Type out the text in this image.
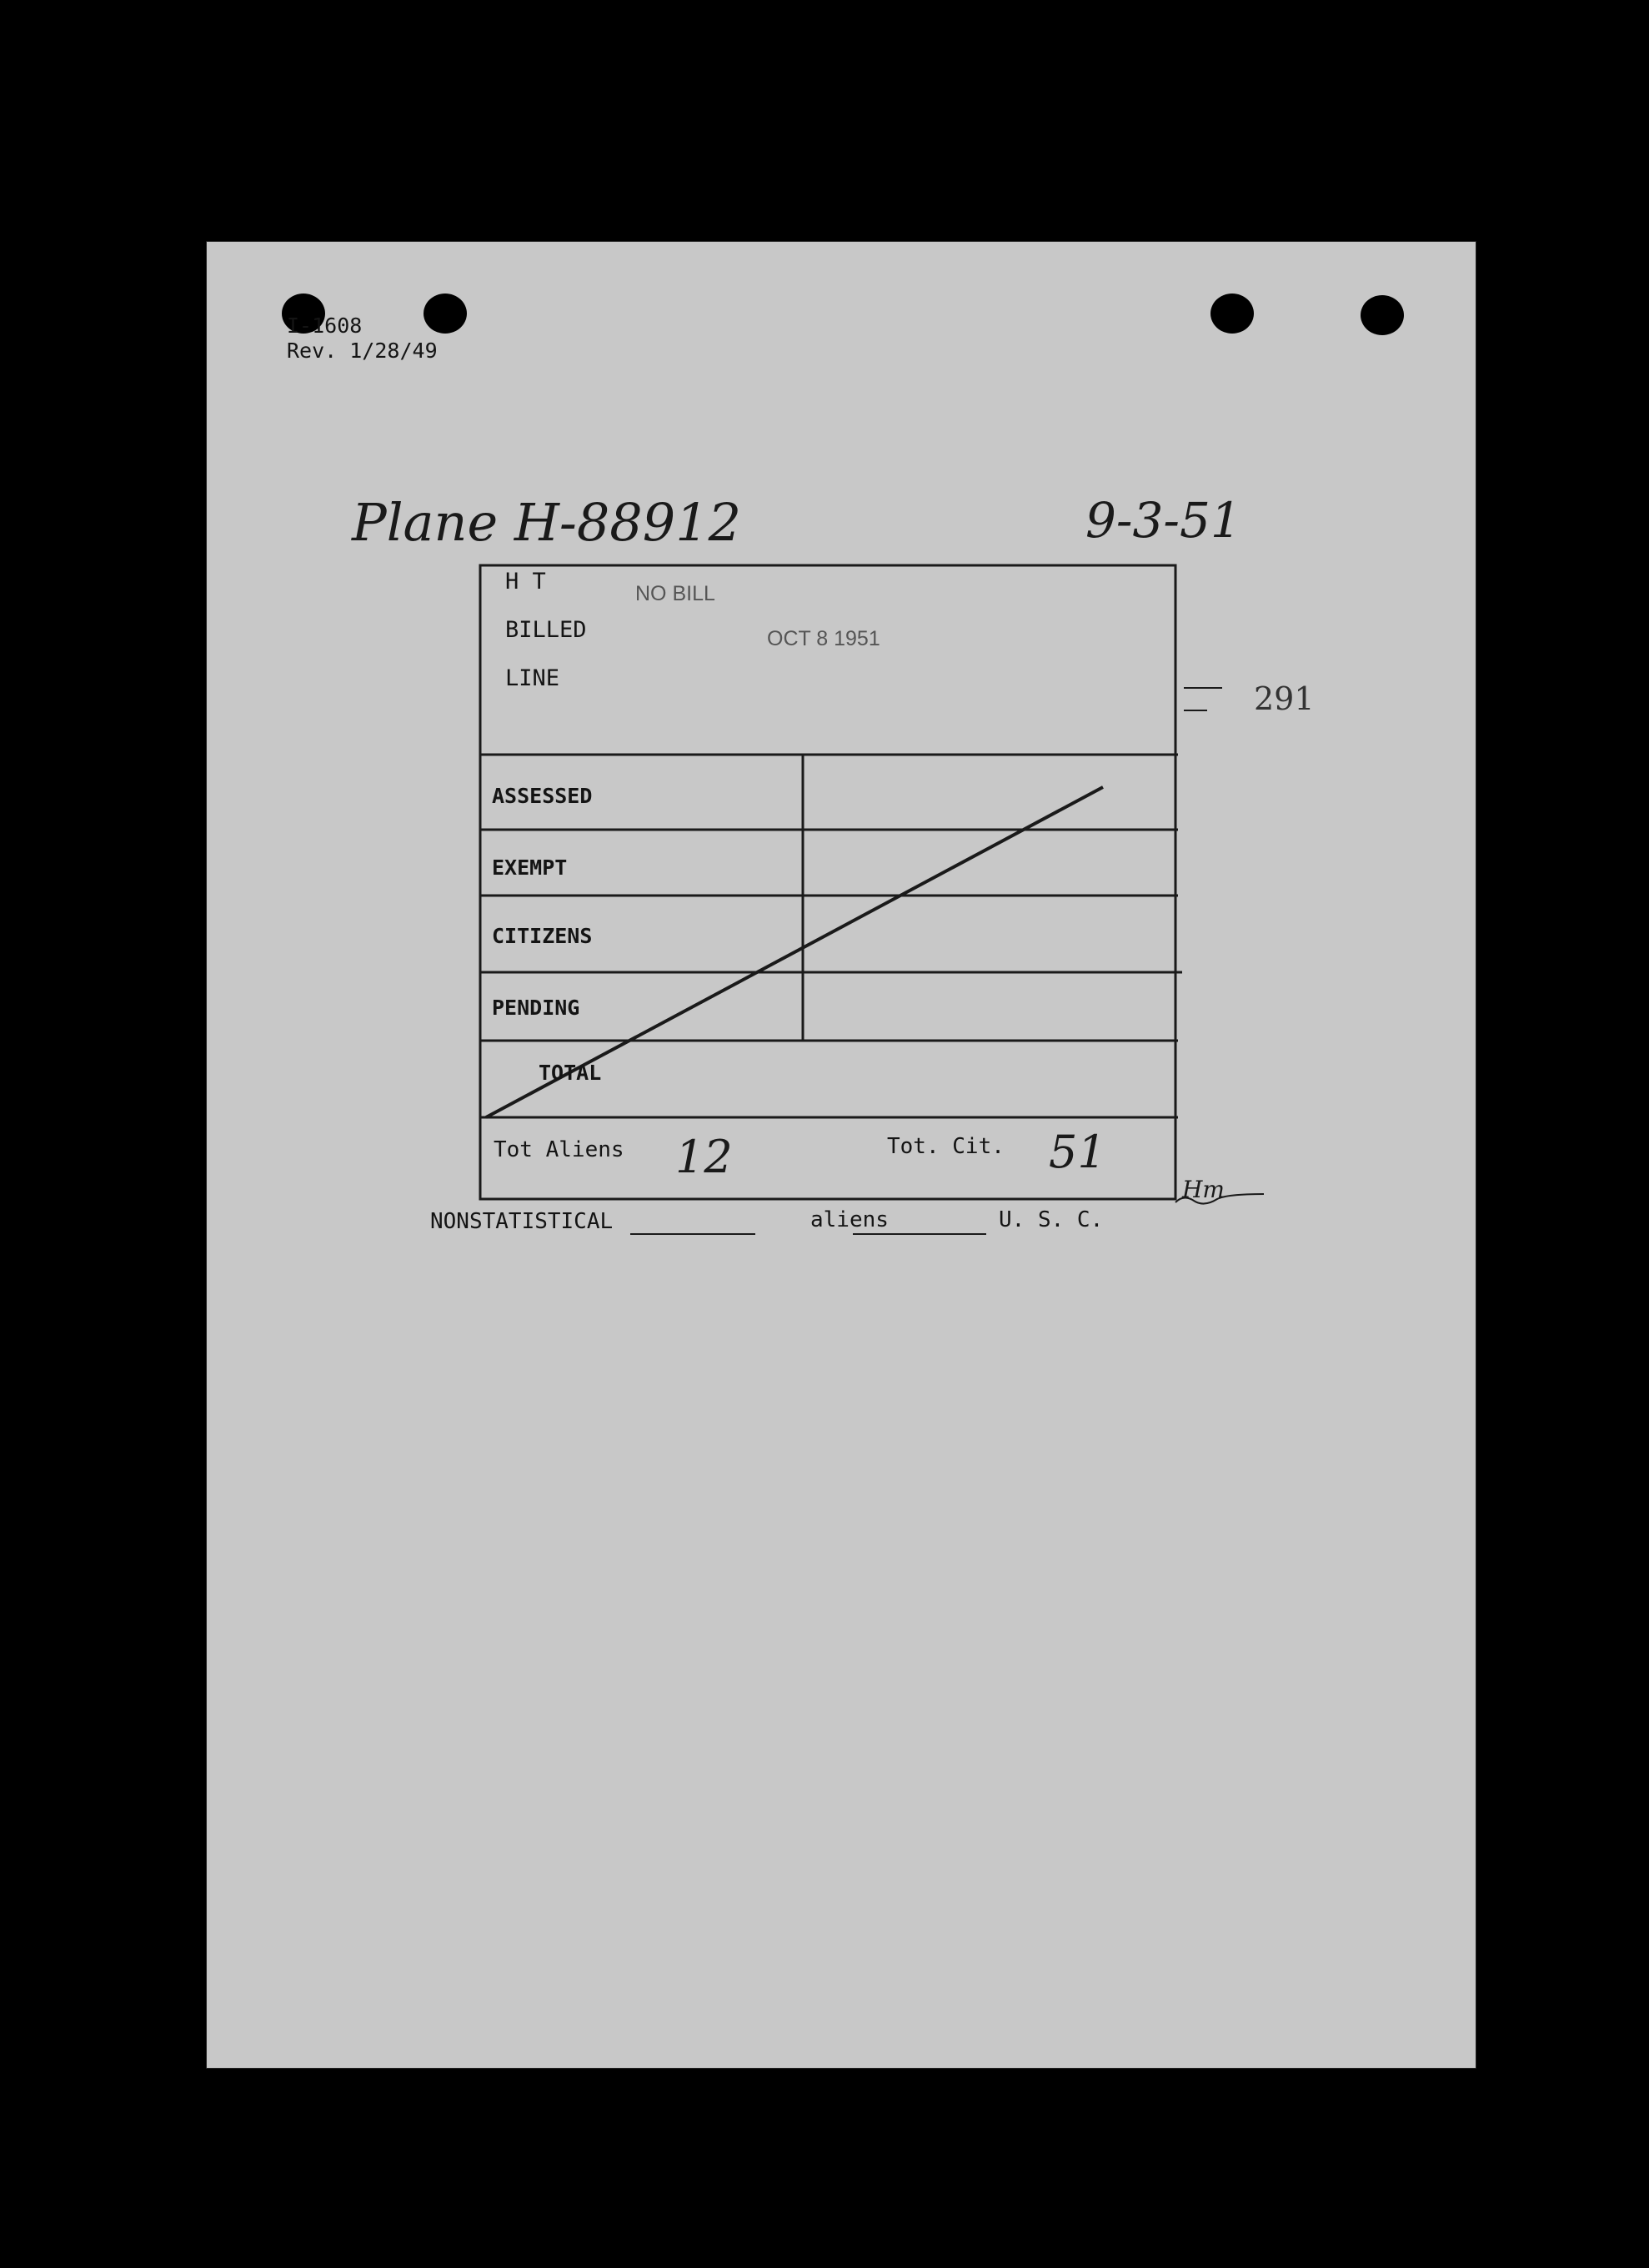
I-1608
Rev. 1/28/49
Plane H-88912	9-3-51
H T
BILLED
LINE
NO BILL
OCT 8 1951
291
ASSESSED
EXEMPT
CITIZENS
PENDING
TOTAL
Tot Aliens 12	Tot. Cit. 51
Hm
NONSTATISTICAL	aliens	U. S. C.
